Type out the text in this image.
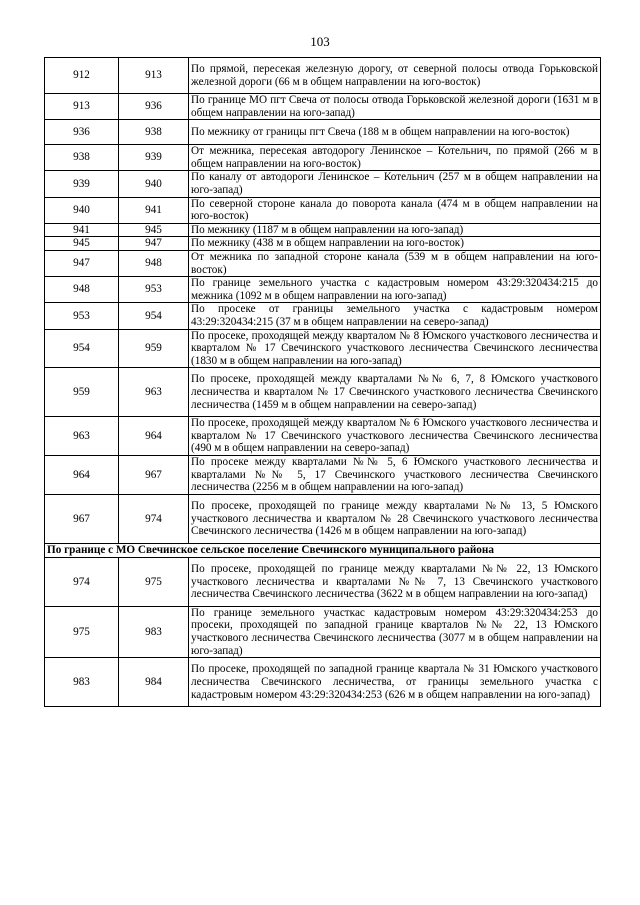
103
912	913	По прямой, пересекая железную дорогу, от северной полосы отвода Горьковской железной дороги (66 м в общем направлении на юго-восток)
913	936	По границе МО пгт Свеча от полосы отвода Горьковской железной дороги (1631 м в общем направлении на юго-запад)
936	938	По межнику от границы пгт Свеча (188 м в общем направлении на юго-восток)
938	939	От межника, пересекая автодорогу Ленинское – Котельнич, по прямой (266 м в общем направлении на юго-восток)
939	940	По каналу от автодороги Ленинское – Котельнич (257 м в общем направлении на юго-запад)
940	941	По северной стороне канала до поворота канала (474 м в общем направлении на юго-восток)
941	945	По межнику (1187 м в общем направлении на юго-запад)
945	947	По межнику (438 м в общем направлении на юго-восток)
947	948	От межника по западной стороне канала (539 м в общем направлении на юго-восток)
948	953	По границе земельного участка с кадастровым номером 43:29:320434:215 до межника (1092 м в общем направлении на юго-запад)
953	954	По просеке от границы земельного участка с кадастровым номером 43:29:320434:215 (37 м в общем направлении на северо-запад)
954	959	По просеке, проходящей между кварталом № 8 Юмского участкового лесничества и кварталом № 17 Свечинского участкового лесничества Свечинского лесничества (1830 м в общем направлении на юго-запад)
959	963	По просеке, проходящей между кварталами №№ 6, 7, 8 Юмского участкового лесничества и кварталом № 17 Свечинского участкового лесничества Свечинского лесничества (1459 м в общем направлении на северо-запад)
963	964	По просеке, проходящей между кварталом № 6 Юмского участкового лесничества и кварталом № 17 Свечинского участкового лесничества Свечинского лесничества (490 м в общем направлении на северо-запад)
964	967	По просеке между кварталами №№ 5, 6 Юмского участкового лесничества и кварталами №№ 5, 17 Свечинского участкового лесничества Свечинского лесничества (2256 м в общем направлении на юго-запад)
967	974	По просеке, проходящей по границе между кварталами №№ 13, 5 Юмского участкового лесничества и кварталом № 28 Свечинского участкового лесничества Свечинского лесничества (1426 м в общем направлении на юго-запад)
По границе с МО Свечинское сельское поселение Свечинского муниципального района		
974	975	По просеке, проходящей по границе между кварталами №№ 22, 13 Юмского участкового лесничества и кварталами №№ 7, 13 Свечинского участкового лесничества Свечинского лесничества (3622 м в общем направлении на юго-запад)
975	983	По границе земельного участкас кадастровым номером 43:29:320434:253 до просеки, проходящей по западной границе кварталов №№ 22, 13 Юмского участкового лесничества Свечинского лесничества (3077 м в общем направлении на юго-запад)
983	984	По просеке, проходящей по западной границе квартала № 31 Юмского участкового лесничества Свечинского лесничества, от границы земельного участка с кадастровым номером 43:29:320434:253 (626 м в общем направлении на юго-запад)
